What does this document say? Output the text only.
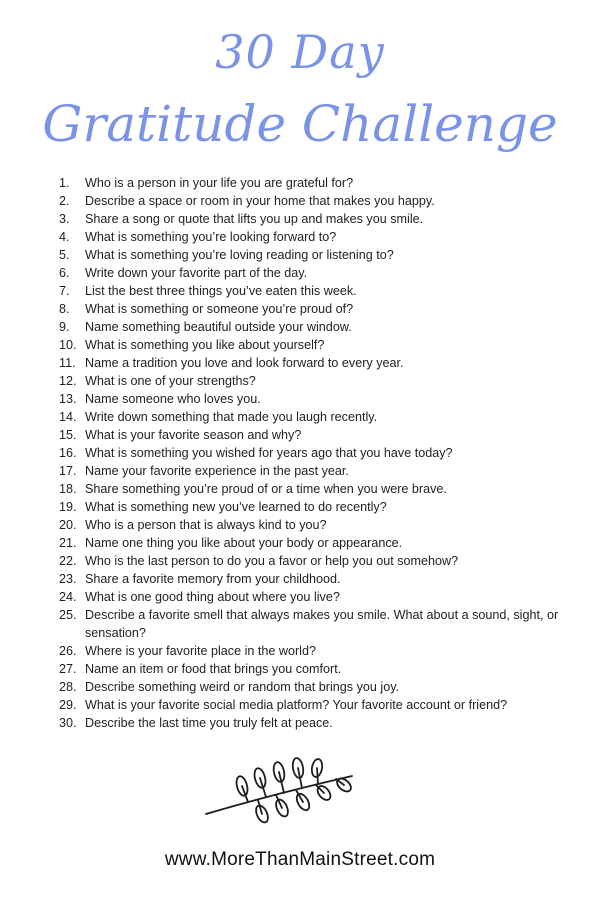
30 Day
Gratitude Challenge
1.	Who is a person in your life you are grateful for?
2.	Describe a space or room in your home that makes you happy.
3.	Share a song or quote that lifts you up and makes you smile.
4.	What is something you’re looking forward to?
5.	What is something you’re loving reading or listening to?
6.	Write down your favorite part of the day.
7.	List the best three things you’ve eaten this week.
8.	What is something or someone you’re proud of?
9.	Name something beautiful outside your window.
10. What is something you like about yourself?
11. Name a tradition you love and look forward to every year.
12. What is one of your strengths?
13. Name someone who loves you.
14. Write down something that made you laugh recently.
15. What is your favorite season and why?
16. What is something you wished for years ago that you have today?
17. Name your favorite experience in the past year.
18. Share something you’re proud of or a time when you were brave.
19. What is something new you’ve learned to do recently?
20. Who is a person that is always kind to you?
21. Name one thing you like about your body or appearance.
22. Who is the last person to do you a favor or help you out somehow?
23. Share a favorite memory from your childhood.
24. What is one good thing about where you live?
25. Describe a favorite smell that always makes you smile. What about a sound, sight, or sensation?
26. Where is your favorite place in the world?
27. Name an item or food that brings you comfort.
28. Describe something weird or random that brings you joy.
29. What is your favorite social media platform? Your favorite account or friend?
30. Describe the last time you truly felt at peace.
www.MoreThanMainStreet.com
